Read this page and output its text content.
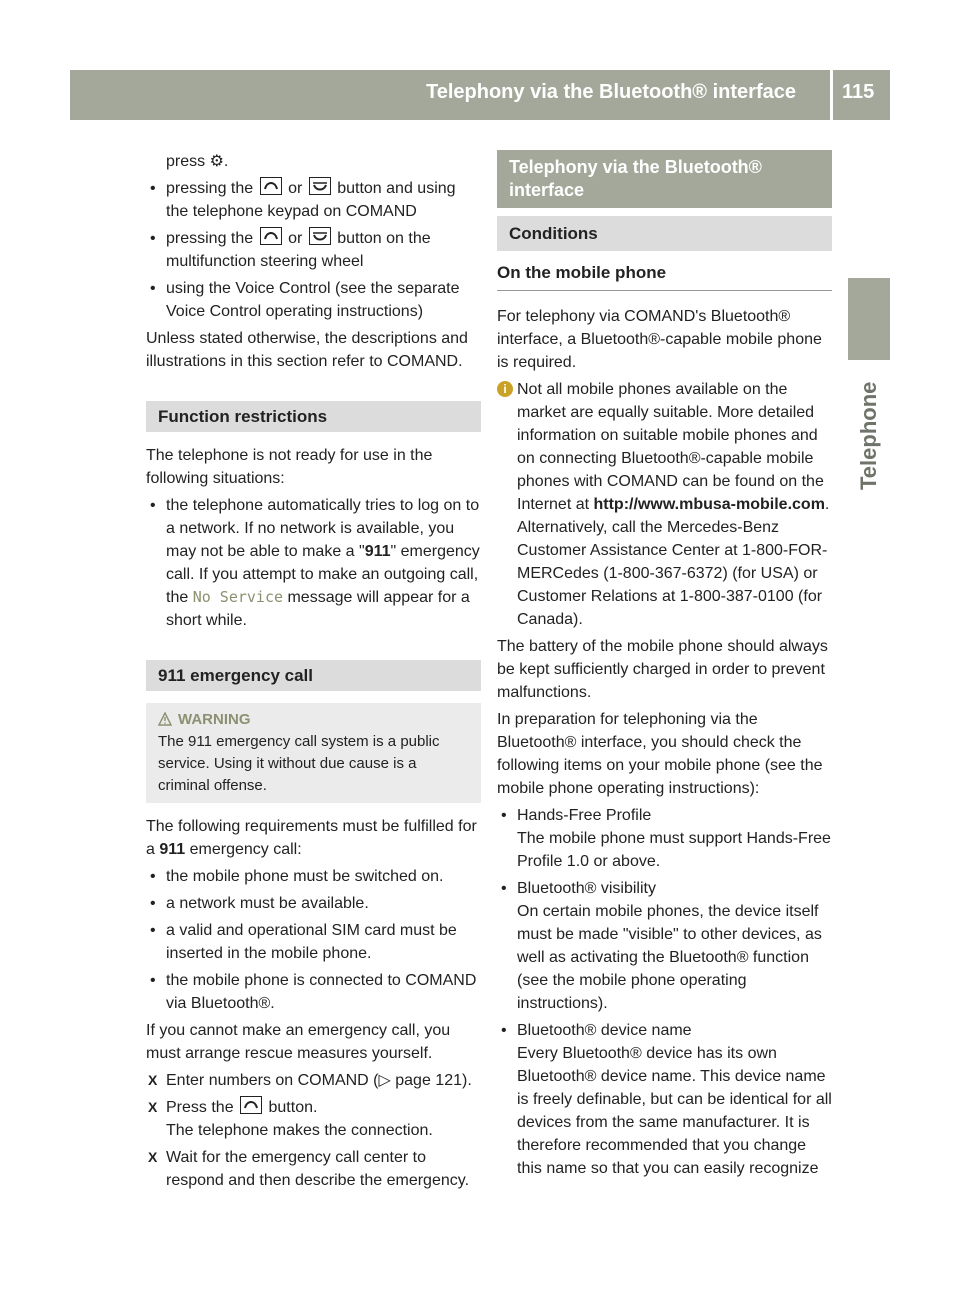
Telephony via the Bluetooth® interface 115
Telephone

press ⚙.

• pressing the or button and using the telephone keypad on COMAND
• pressing the or button on the multifunction steering wheel
• using the Voice Control (see the separate Voice Control operating instructions)

Unless stated otherwise, the descriptions and illustrations in this section refer to COMAND.

Function restrictions

The telephone is not ready for use in the following situations:

• the telephone automatically tries to log on to a network. If no network is available, you may not be able to make a "911" emergency call. If you attempt to make an outgoing call, the No Service message will appear for a short while.
911 emergency call
WARNING
The 911 emergency call system is a public service. Using it without due cause is a criminal offense.

The following requirements must be fulfilled for a 911 emergency call:

• the mobile phone must be switched on.
• a network must be available.
• a valid and operational SIM card must be inserted in the mobile phone.
• the mobile phone is connected to COMAND via Bluetooth®.

If you cannot make an emergency call, you must arrange rescue measures yourself.

X Enter numbers on COMAND (▷ page 121).
X Press the button.
The telephone makes the connection.
X Wait for the emergency call center to respond and then describe the emergency.
Telephony via the Bluetooth® interface
Conditions
On the mobile phone

For telephony via COMAND's Bluetooth® interface, a Bluetooth®-capable mobile phone is required.

i Not all mobile phones available on the market are equally suitable. More detailed information on suitable mobile phones and on connecting Bluetooth®-capable mobile phones with COMAND can be found on the Internet at http://www.mbusa-mobile.com. Alternatively, call the Mercedes-Benz Customer Assistance Center at 1-800-FOR-MERCedes (1-800-367-6372) (for USA) or Customer Relations at 1-800-387-0100 (for Canada).

The battery of the mobile phone should always be kept sufficiently charged in order to prevent malfunctions.

In preparation for telephoning via the Bluetooth® interface, you should check the following items on your mobile phone (see the mobile phone operating instructions):

• Hands-Free Profile
The mobile phone must support Hands-Free Profile 1.0 or above.
• Bluetooth® visibility
On certain mobile phones, the device itself must be made "visible" to other devices, as well as activating the Bluetooth® function (see the mobile phone operating instructions).
• Bluetooth® device name
Every Bluetooth® device has its own Bluetooth® device name. This device name is freely definable, but can be identical for all devices from the same manufacturer. It is therefore recommended that you change this name so that you can easily recognize
